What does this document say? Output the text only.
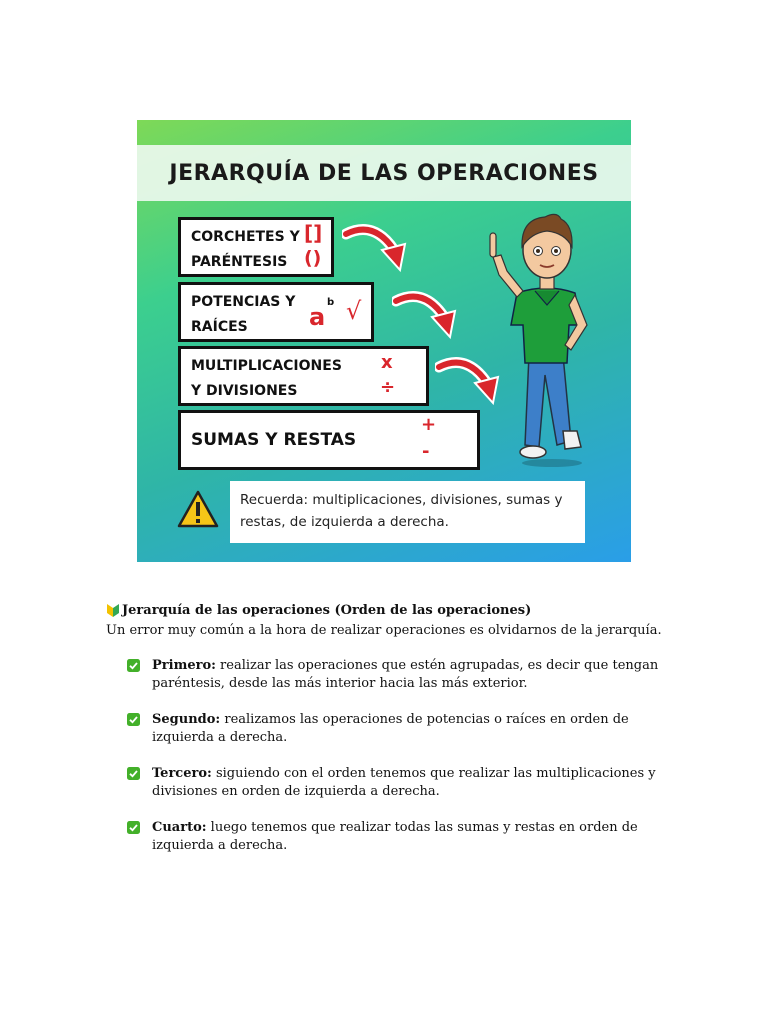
JERARQUÍA DE LAS OPERACIONES
CORCHETES Y
PARÉNTESIS
[]
()
POTENCIAS Y
RAÍCES	a
b √
MULTIPLICACIONES
Y DIVISIONES
x
÷
SUMAS Y RESTAS
+
-
Recuerda: multiplicaciones, divisiones, sumas y restas, de izquierda a derecha.
Jerarquía de las operaciones (Orden de las operaciones)
Un error muy común a la hora de realizar operaciones es olvidarnos de la jerarquía.
Primero: realizar las operaciones que estén agrupadas, es decir que tengan paréntesis, desde las más interior hacia las más exterior.
Segundo: realizamos las operaciones de potencias o raíces en orden de izquierda a derecha.
Tercero: siguiendo con el orden tenemos que realizar las multiplicaciones y divisiones en orden de izquierda a derecha.
Cuarto: luego tenemos que realizar todas las sumas y restas en orden de izquierda a derecha.
